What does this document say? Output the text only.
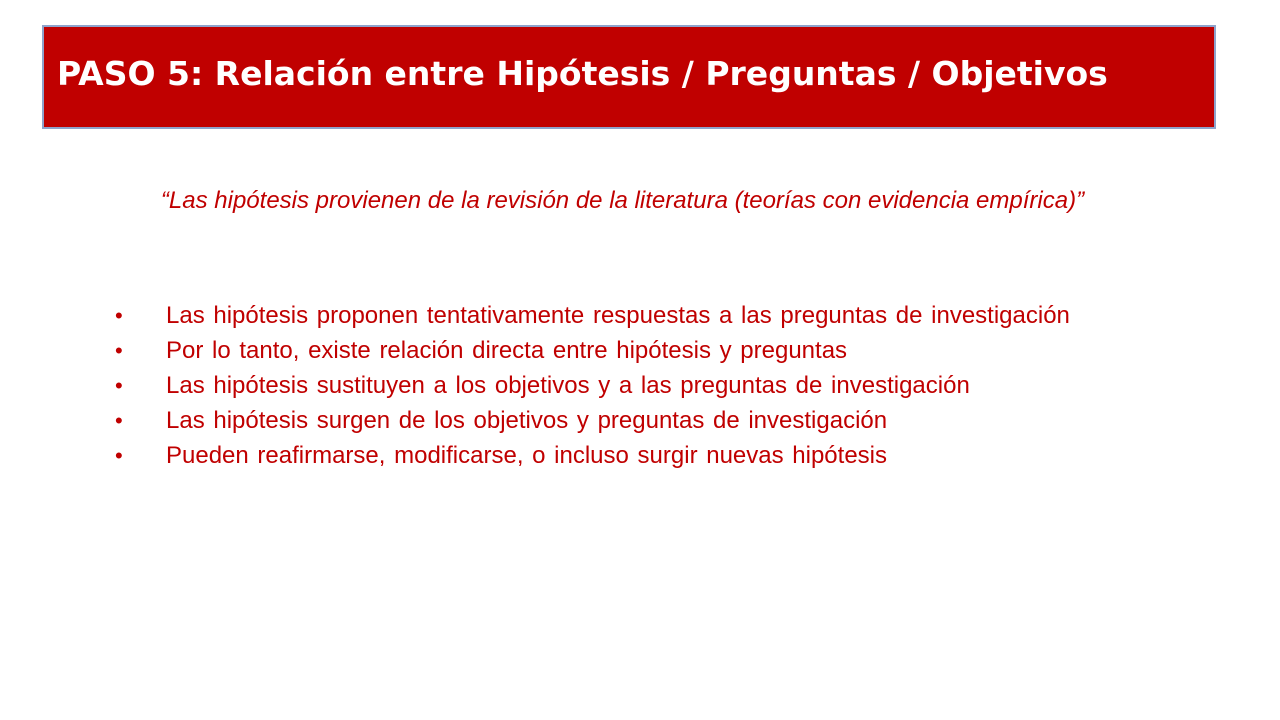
PASO 5: Relación entre Hipótesis / Preguntas / Objetivos
“Las hipótesis provienen de la revisión de la literatura (teorías con evidencia empírica)”
• Las hipótesis proponen tentativamente respuestas a las preguntas de investigación
• Por lo tanto, existe relación directa entre hipótesis y preguntas
• Las hipótesis sustituyen a los objetivos y a las preguntas de investigación
• Las hipótesis surgen de los objetivos y preguntas de investigación
• Pueden reafirmarse, modificarse, o incluso surgir nuevas hipótesis
